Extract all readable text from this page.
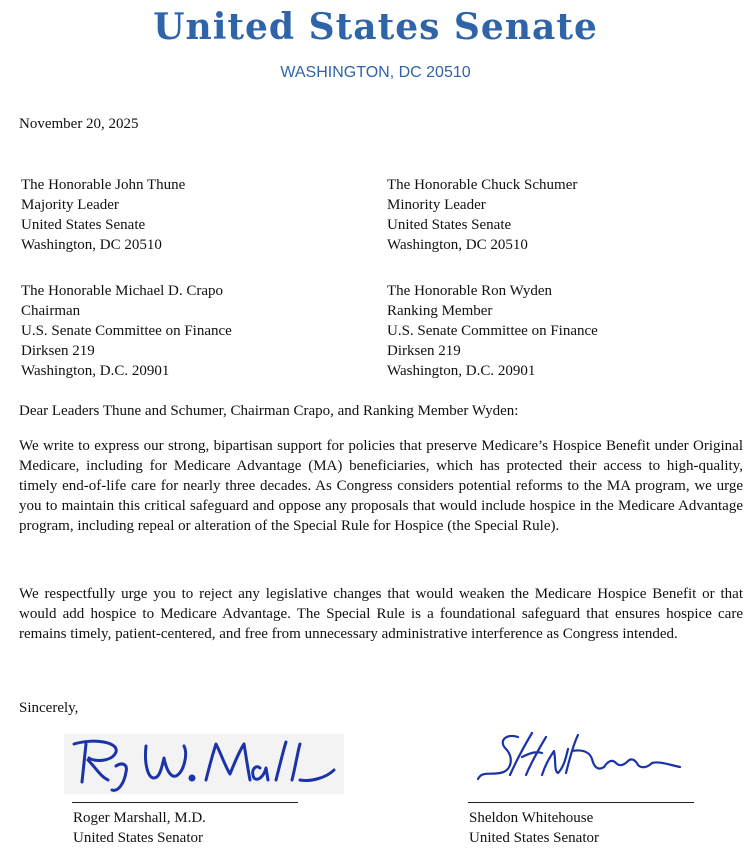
United States Senate
WASHINGTON, DC 20510
November 20, 2025
The Honorable John Thune
Majority Leader
United States Senate
Washington, DC 20510
The Honorable Chuck Schumer
Minority Leader
United States Senate
Washington, DC 20510
The Honorable Michael D. Crapo
Chairman
U.S. Senate Committee on Finance
Dirksen 219
Washington, D.C. 20901
The Honorable Ron Wyden
Ranking Member
U.S. Senate Committee on Finance
Dirksen 219
Washington, D.C. 20901
Dear Leaders Thune and Schumer, Chairman Crapo, and Ranking Member Wyden:

We write to express our strong, bipartisan support for policies that preserve Medicare’s Hospice Benefit under Original Medicare, including for Medicare Advantage (MA) beneficiaries, which has protected their access to high-quality, timely end-of-life care for nearly three decades. As Congress considers potential reforms to the MA program, we urge you to maintain this critical safeguard and oppose any proposals that would include hospice in the Medicare Advantage program, including repeal or alteration of the Special Rule for Hospice (the Special Rule).

We respectfully urge you to reject any legislative changes that would weaken the Medicare Hospice Benefit or that would add hospice to Medicare Advantage. The Special Rule is a foundational safeguard that ensures hospice care remains timely, patient-centered, and free from unnecessary administrative interference as Congress intended.

Sincerely,
Roger Marshall, M.D.
United States Senator
Sheldon Whitehouse
United States Senator
